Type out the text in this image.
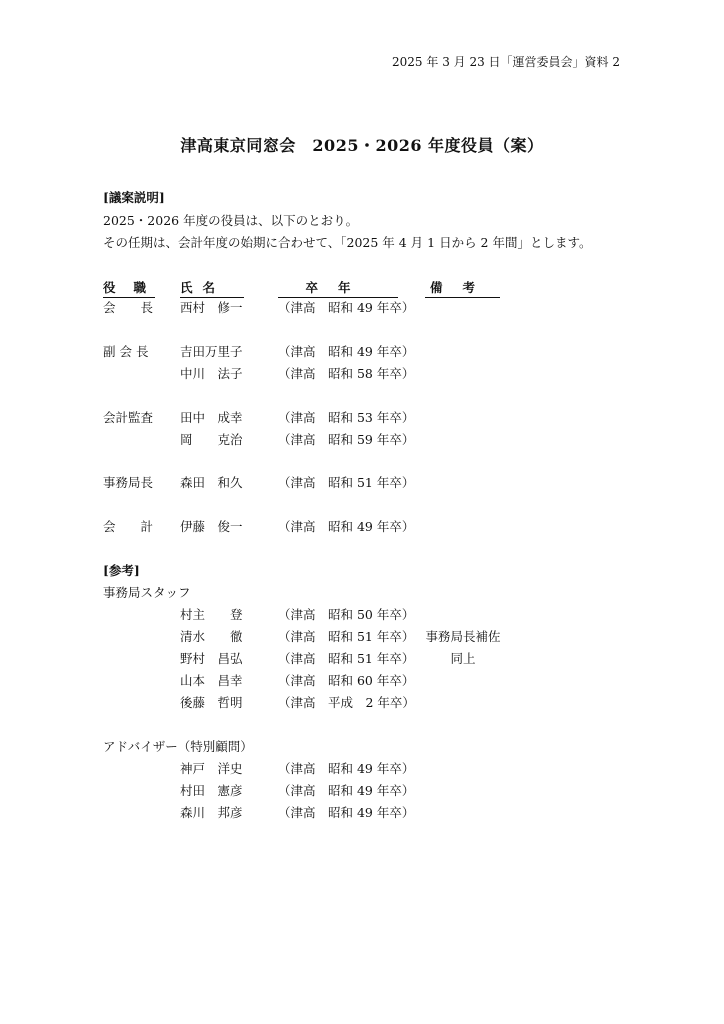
2025 年 3 月 23 日「運営委員会」資料 2
津高東京同窓会　2025・2026 年度役員（案）
[議案説明]
2025・2026 年度の役員は、以下のとおり。
その任期は、会計年度の始期に合わせて、「2025 年 4 月 1 日から 2 年間」とします。
役職 氏名	卒年	備考
会　　長 西村　修一	（津高　昭和 49 年卒）
副 会 長	吉田万里子	（津高　昭和 49 年卒）
中川　法子	（津高　昭和 58 年卒）
会計監査 田中　成幸	（津高　昭和 53 年卒）
岡　　克治	（津高　昭和 59 年卒）
事務局長 森田　和久	（津高　昭和 51 年卒）
会　　計 伊藤　俊一	（津高　昭和 49 年卒）
[参考]
事務局スタッフ
村主　　登	（津高　昭和 50 年卒）
清水　　徹	（津高　昭和 51 年卒） 事務局長補佐
野村　昌弘	（津高　昭和 51 年卒）	同上
山本　昌幸	（津高　昭和 60 年卒）
後藤　哲明	（津高　平成　2 年卒）
アドバイザー（特別顧問）
神戸　洋史	（津高　昭和 49 年卒）
村田　憲彦	（津高　昭和 49 年卒）
森川　邦彦	（津高　昭和 49 年卒）
